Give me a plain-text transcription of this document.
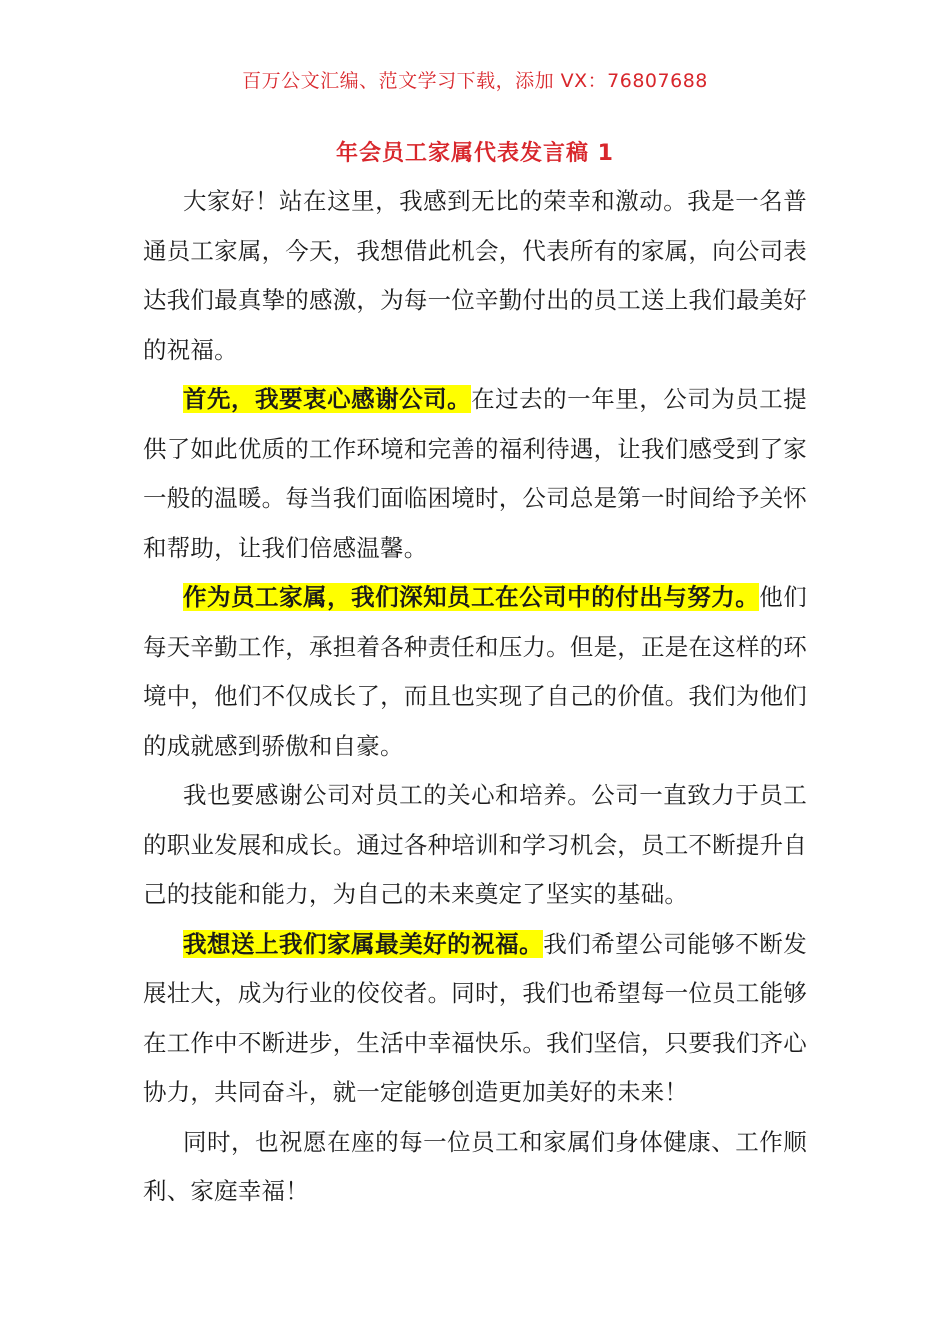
百万公文汇编、范文学习下载，添加 VX：76807688
年会员工家属代表发言稿 1

大家好！站在这里，我感到无比的荣幸和激动。我是一名普通员工家属，今天，我想借此机会，代表所有的家属，向公司表达我们最真挚的感激，为每一位辛勤付出的员工送上我们最美好的祝福。

首先，我要衷心感谢公司。在过去的一年里，公司为员工提供了如此优质的工作环境和完善的福利待遇，让我们感受到了家一般的温暖。每当我们面临困境时，公司总是第一时间给予关怀和帮助，让我们倍感温馨。

作为员工家属，我们深知员工在公司中的付出与努力。他们每天辛勤工作，承担着各种责任和压力。但是，正是在这样的环境中，他们不仅成长了，而且也实现了自己的价值。我们为他们的成就感到骄傲和自豪。

我也要感谢公司对员工的关心和培养。公司一直致力于员工的职业发展和成长。通过各种培训和学习机会，员工不断提升自己的技能和能力，为自己的未来奠定了坚实的基础。

我想送上我们家属最美好的祝福。我们希望公司能够不断发展壮大，成为行业的佼佼者。同时，我们也希望每一位员工能够在工作中不断进步，生活中幸福快乐。我们坚信，只要我们齐心协力，共同奋斗，就一定能够创造更加美好的未来！

同时，也祝愿在座的每一位员工和家属们身体健康、工作顺利、家庭幸福！
